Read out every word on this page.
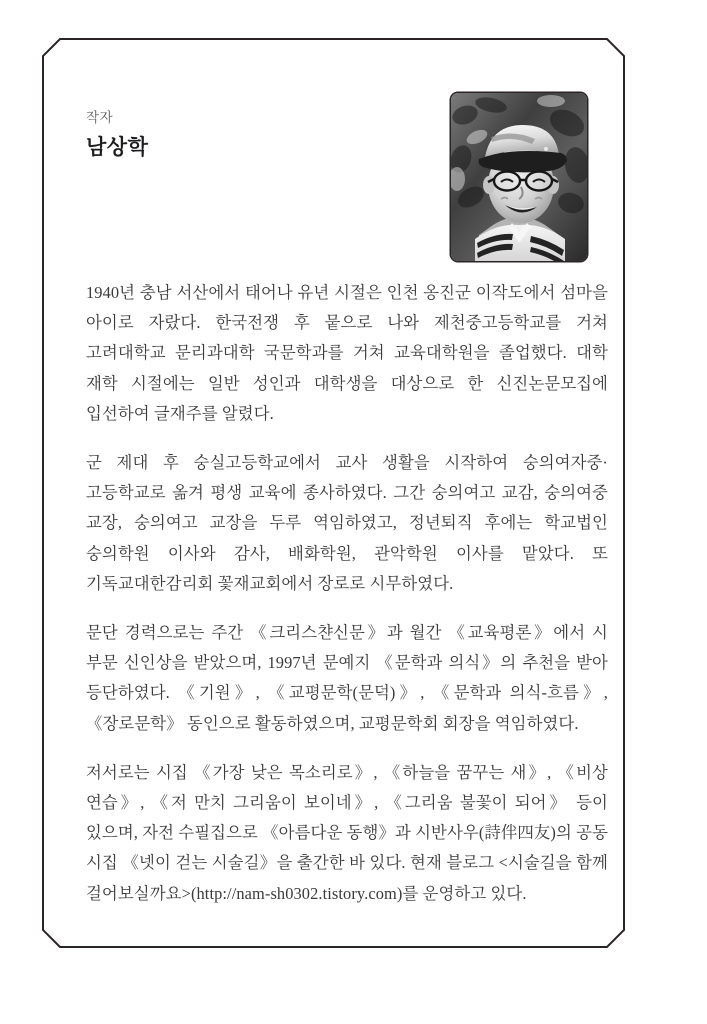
작자
남상학

1940년 충남 서산에서 태어나 유년 시절은 인천 옹진군 이작도에서 섬마을 아이로 자랐다. 한국전쟁 후 뭍으로 나와 제천중고등학교를 거쳐 고려대학교 문리과대학 국문학과를 거쳐 교육대학원을 졸업했다. 대학 재학 시절에는 일반 성인과 대학생을 대상으로 한 신진논문모집에 입선하여 글재주를 알렸다.

군 제대 후 숭실고등학교에서 교사 생활을 시작하여 숭의여자중·고등학교로 옮겨 평생 교육에 종사하였다. 그간 숭의여고 교감, 숭의여중 교장, 숭의여고 교장을 두루 역임하였고, 정년퇴직 후에는 학교법인 숭의학원 이사와 감사, 배화학원, 관악학원 이사를 맡았다. 또 기독교대한감리회 꽃재교회에서 장로로 시무하였다.

문단 경력으로는 주간 《크리스챤신문》과 월간 《교육평론》에서 시 부문 신인상을 받았으며, 1997년 문예지 《문학과 의식》의 추천을 받아 등단하였다. 《기원》, 《교평문학(문덕)》, 《문학과 의식-흐름》, 《장로문학》 동인으로 활동하였으며, 교평문학회 회장을 역임하였다.

저서로는 시집 《가장 낮은 목소리로》, 《하늘을 꿈꾸는 새》, 《비상 연습》, 《저 만치 그리움이 보이네》, 《그리움 불꽃이 되어》 등이 있으며, 자전 수필집으로 《아름다운 동행》과 시반사우(詩伴四友)의 공동 시집 《넷이 걷는 시술길》을 출간한 바 있다. 현재 블로그 <시술길을 함께 걸어보실까요>(http://nam-sh0302.tistory.com)를 운영하고 있다.
